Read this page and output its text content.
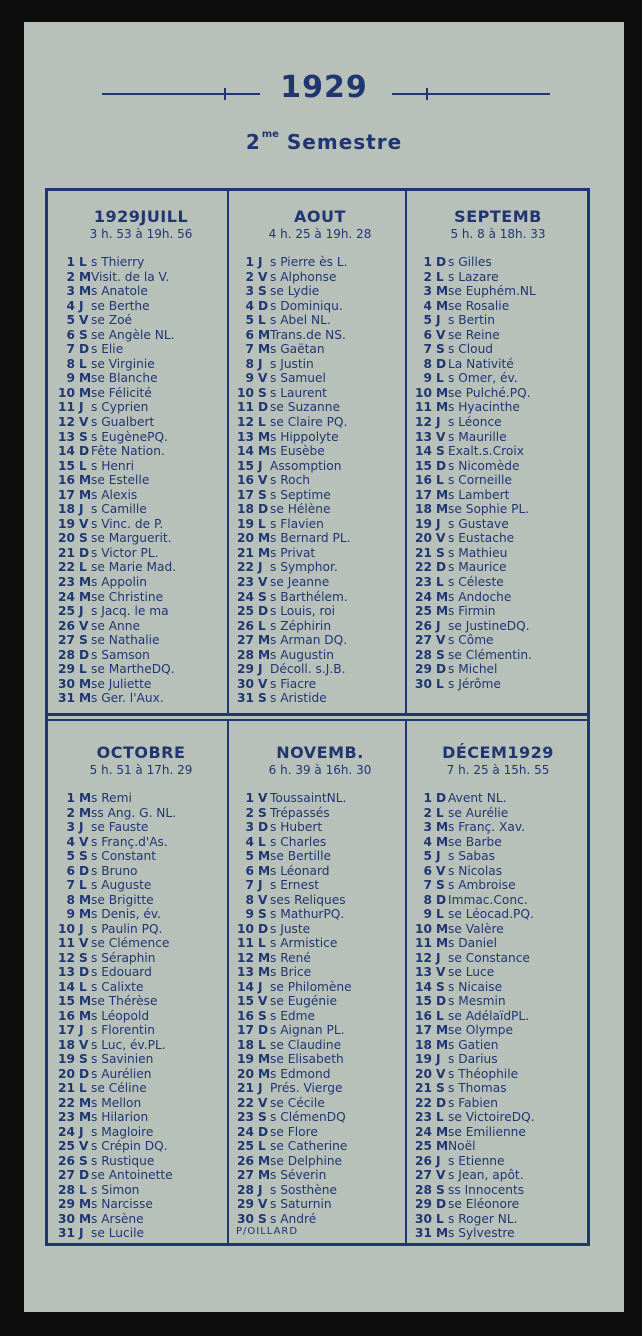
1929
$2^{me}$ Semestre
1929JUILL
3 h. 53 à 19h. 56
1 L s Thierry
2 M Visit. de la V.
3 M s Anatole
4 J se Berthe
5 V se Zoé
6 S se Angèle NL.
7 D s Elie
8 L se Virginie
9 M se Blanche
10 M se Félicité
11 J s Cyprien
12 V s Gualbert
13 S s EugènePQ.
14 D Fête Nation.
15 L s Henri
16 M se Estelle
17 M s Alexis
18 J s Camille
19 V s Vinc. de P.
20 S se Marguerit.
21 D s Victor PL.
22 L se Marie Mad.
23 M s Appolin
24 M se Christine
25 J s Jacq. le ma
26 V se Anne
27 S se Nathalie
28 D s Samson
29 L se MartheDQ.
30 M se Juliette
31 M s Ger. l'Aux.
AOUT
4 h. 25 à 19h. 28
1 J s Pierre ès L.
2 V s Alphonse
3 S se Lydie
4 D s Dominiqu.
5 L s Abel NL.
6 M Trans.de NS.
7 M s Gaëtan
8 J s Justin
9 V s Samuel
10 S s Laurent
11 D se Suzanne
12 L se Claire PQ.
13 M s Hippolyte
14 M s Eusèbe
15 J Assomption
16 V s Roch
17 S s Septime
18 D se Hélène
19 L s Flavien
20 M s Bernard PL.
21 M s Privat
22 J s Symphor.
23 V se Jeanne
24 S s Barthélem.
25 D s Louis, roi
26 L s Zéphirin
27 M s Arman DQ.
28 M s Augustin
29 J Décoll. s.J.B.
30 V s Fiacre
31 S s Aristide
SEPTEMB
5 h. 8 à 18h. 33
1 D s Gilles
2 L s Lazare
3 M se Euphém.NL
4 M se Rosalie
5 J s Bertin
6 V se Reine
7 S s Cloud
8 D La Nativité
9 L s Omer, év.
10 M se Pulché.PQ.
11 M s Hyacinthe
12 J s Léonce
13 V s Maurille
14 S Exalt.s.Croix
15 D s Nicomède
16 L s Corneille
17 M s Lambert
18 M se Sophie PL.
19 J s Gustave
20 V s Eustache
21 S s Mathieu
22 D s Maurice
23 L s Céleste
24 M s Andoche
25 M s Firmin
26 J se JustineDQ.
27 V s Côme
28 S se Clémentin.
29 D s Michel
30 L s Jérôme
OCTOBRE
5 h. 51 à 17h. 29
1 M s Remi
2 M ss Ang. G. NL.
3 J se Fauste
4 V s Franç.d'As.
5 S s Constant
6 D s Bruno
7 L s Auguste
8 M se Brigitte
9 M s Denis, év.
10 J s Paulin PQ.
11 V se Clémence
12 S s Séraphin
13 D s Edouard
14 L s Calixte
15 M se Thérèse
16 M s Léopold
17 J s Florentin
18 V s Luc, év.PL.
19 S s Savinien
20 D s Aurélien
21 L se Céline
22 M s Mellon
23 M s Hilarion
24 J s Magloire
25 V s Crépin DQ.
26 S s Rustique
27 D se Antoinette
28 L s Simon
29 M s Narcisse
30 M s Arsène
31 J se Lucile
NOVEMB.
6 h. 39 à 16h. 30
1 V ToussaintNL.
2 S Trépassés
3 D s Hubert
4 L s Charles
5 M se Bertille
6 M s Léonard
7 J s Ernest
8 V ses Reliques
9 S s MathurPQ.
10 D s Juste
11 L s Armistice
12 M s René
13 M s Brice
14 J se Philomène
15 V se Eugénie
16 S s Edme
17 D s Aignan PL.
18 L se Claudine
19 M se Elisabeth
20 M s Edmond
21 J Prés. Vierge
22 V se Cécile
23 S s ClémenDQ
24 D se Flore
25 L se Catherine
26 M se Delphine
27 M s Séverin
28 J s Sosthène
29 V s Saturnin
30 S s André
DÉCEM1929
7 h. 25 à 15h. 55
1 D Avent NL.
2 L se Aurélie
3 M s Franç. Xav.
4 M se Barbe
5 J s Sabas
6 V s Nicolas
7 S s Ambroise
8 D Immac.Conc.
9 L se Léocad.PQ.
10 M se Valère
11 M s Daniel
12 J se Constance
13 V se Luce
14 S s Nicaise
15 D s Mesmin
16 L se AdélaïdPL.
17 M se Olympe
18 M s Gatien
19 J s Darius
20 V s Théophile
21 S s Thomas
22 D s Fabien
23 L se VictoireDQ.
24 M se Emilienne
25 M Noël
26 J s Etienne
27 V s Jean, apôt.
28 S ss Innocents
29 D se Eléonore
30 L s Roger NL.
31 M s Sylvestre
P/OILLARD
